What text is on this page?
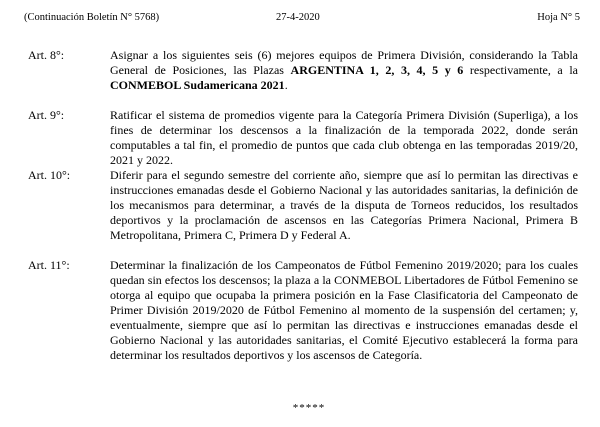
(Continuación Boletín N° 5768)	27-4-2020	Hoja N° 5
Art. 8°:	Asignar a los siguientes seis (6) mejores equipos de Primera División, considerando la Tabla General de Posiciones, las Plazas ARGENTINA 1, 2, 3, 4, 5 y 6 respectivamente, a la CONMEBOL Sudamericana 2021.
Art. 9°:	Ratificar el sistema de promedios vigente para la Categoría Primera División (Superliga), a los fines de determinar los descensos a la finalización de la temporada 2022, donde serán computables a tal fin, el promedio de puntos que cada club obtenga en las temporadas 2019/20, 2021 y 2022.
Art. 10°:	Diferir para el segundo semestre del corriente año, siempre que así lo permitan las directivas e instrucciones emanadas desde el Gobierno Nacional y las autoridades sanitarias, la definición de los mecanismos para determinar, a través de la disputa de Torneos reducidos, los resultados deportivos y la proclamación de ascensos en las Categorías Primera Nacional, Primera B Metropolitana, Primera C, Primera D y Federal A.
Art. 11°:	Determinar la finalización de los Campeonatos de Fútbol Femenino 2019/2020; para los cuales quedan sin efectos los descensos; la plaza a la CONMEBOL Libertadores de Fútbol Femenino se otorga al equipo que ocupaba la primera posición en la Fase Clasificatoria del Campeonato de Primer División 2019/2020 de Fútbol Femenino al momento de la suspensión del certamen; y, eventualmente, siempre que así lo permitan las directivas e instrucciones emanadas desde el Gobierno Nacional y las autoridades sanitarias, el Comité Ejecutivo establecerá la forma para determinar los resultados deportivos y los ascensos de Categoría.
*****
